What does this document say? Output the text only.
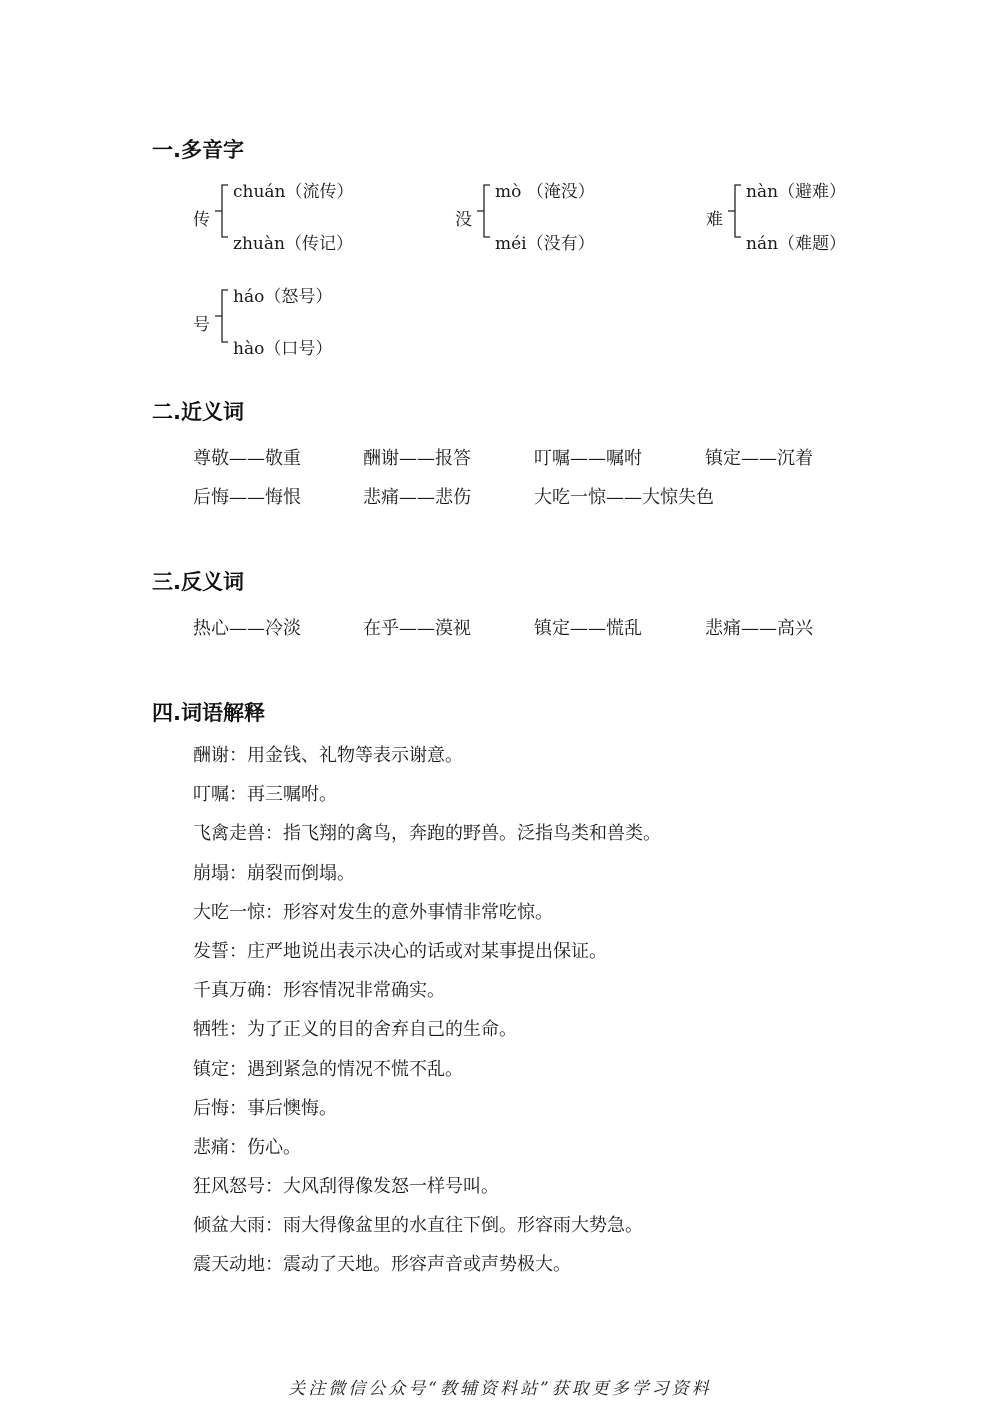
一.多音字
传
chuán（流传）
zhuàn（传记）
没
mò （淹没）
méi（没有）
难
nàn（避难）
nán（难题）
号
háo（怒号）
hào（口号）
二.近义词
尊敬——敬重	酬谢——报答	叮嘱——嘱咐	镇定——沉着
后悔——悔恨	悲痛——悲伤	大吃一惊——大惊失色
三.反义词
热心——冷淡	在乎——漠视	镇定——慌乱	悲痛——高兴
四.词语解释
酬谢：用金钱、礼物等表示谢意。
叮嘱：再三嘱咐。
飞禽走兽：指飞翔的禽鸟，奔跑的野兽。泛指鸟类和兽类。
崩塌：崩裂而倒塌。
大吃一惊：形容对发生的意外事情非常吃惊。
发誓：庄严地说出表示决心的话或对某事提出保证。
千真万确：形容情况非常确实。
牺牲：为了正义的目的舍弃自己的生命。
镇定：遇到紧急的情况不慌不乱。
后悔：事后懊悔。
悲痛：伤心。
狂风怒号：大风刮得像发怒一样号叫。
倾盆大雨：雨大得像盆里的水直往下倒。形容雨大势急。
震天动地：震动了天地。形容声音或声势极大。
关注微信公众号“教辅资料站”获取更多学习资料
